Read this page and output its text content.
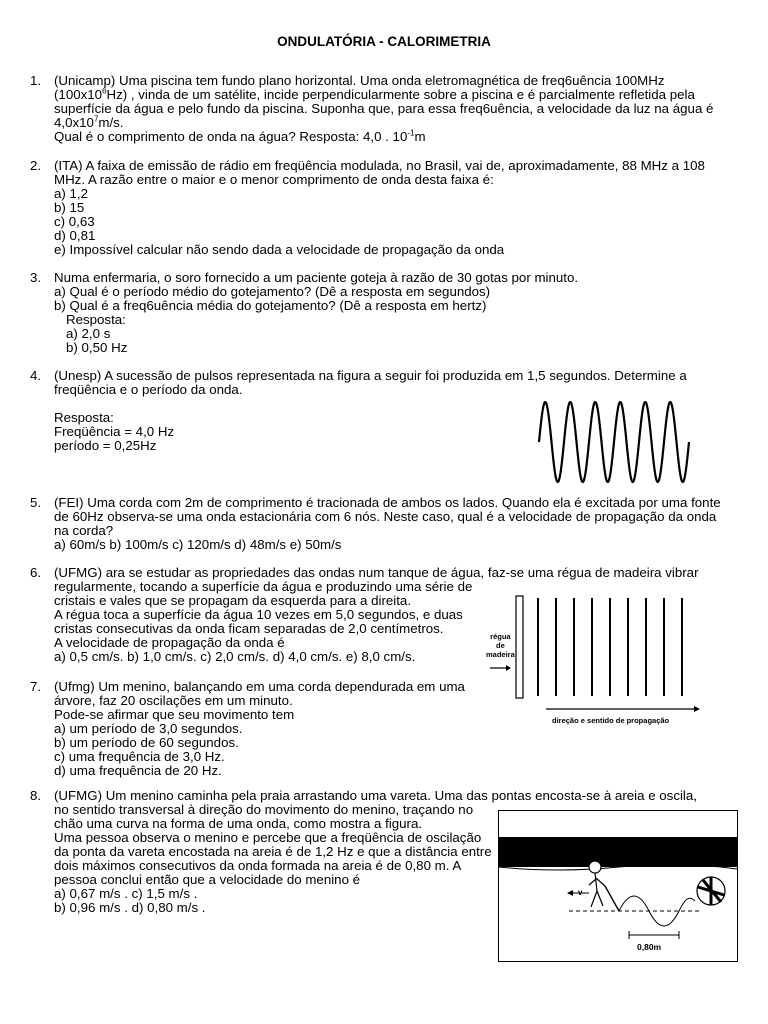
ONDULATÓRIA - CALORIMETRIA
1. (Unicamp) Uma piscina tem fundo plano horizontal. Uma onda eletromagnética de freq6uência 100MHz
$(100x10^6Hz)$ , vinda de um satélite, incide perpendicularmente sobre a piscina e é parcialmente refletida pela
superfície da água e pelo fundo da piscina. Suponha que, para essa freq6uência, a velocidade da luz na água é
$4,0x10^7m/s$.
Qual é o comprimento de onda na água? Resposta: 4,0 . $10^{-1}m$
2. (ITA) A faixa de emissão de rádio em freqüência modulada, no Brasil, vai de, aproximadamente, 88 MHz a 108
MHz. A razão entre o maior e o menor comprimento de onda desta faixa é:
a) 1,2
b) 15
c) 0,63
d) 0,81
e) Impossível calcular não sendo dada a velocidade de propagação da onda
3. Numa enfermaria, o soro fornecido a um paciente goteja à razão de 30 gotas por minuto.
a) Qual é o período médio do gotejamento? (Dê a resposta em segundos)
b) Qual é a freq6uência média do gotejamento? (Dê a resposta em hertz)
Resposta:
a) 2,0 s
b) 0,50 Hz
4. (Unesp) A sucessão de pulsos representada na figura a seguir foi produzida em 1,5 segundos. Determine a
freqüência e o período da onda.
Resposta:
Freqüência = 4,0 Hz
período = 0,25Hz
5. (FEI) Uma corda com 2m de comprimento é tracionada de ambos os lados. Quando ela é excitada por uma fonte
de 60Hz observa-se uma onda estacionária com 6 nós. Neste caso, qual é a velocidade de propagação da onda
na corda?
a) 60m/s b) 100m/s c) 120m/s d) 48m/s e) 50m/s
6. (UFMG) ara se estudar as propriedades das ondas num tanque de água, faz-se uma régua de madeira vibrar
regularmente, tocando a superfície da água e produzindo uma série de
cristais e vales que se propagam da esquerda para a direita.
A régua toca a superfície da água 10 vezes em 5,0 segundos, e duas
cristas consecutivas da onda ficam separadas de 2,0 centímetros.
A velocidade de propagação da onda é
a) 0,5 cm/s. b) 1,0 cm/s. c) 2,0 cm/s. d) 4,0 cm/s. e) 8,0 cm/s.
régua
de
madeira
direção e sentido de propagação
7. (Ufmg) Um menino, balançando em uma corda dependurada em uma
árvore, faz 20 oscilações em um minuto.
Pode-se afirmar que seu movimento tem
a) um período de 3,0 segundos.
b) um período de 60 segundos.
c) uma frequência de 3,0 Hz.
d) uma frequência de 20 Hz.
8. (UFMG) Um menino caminha pela praia arrastando uma vareta. Uma das pontas encosta-se à areia e oscila,
no sentido transversal à direção do movimento do menino, traçando no
chão uma curva na forma de uma onda, como mostra a figura.
Uma pessoa observa o menino e percebe que a freqüência de oscilação
da ponta da vareta encostada na areia é de 1,2 Hz e que a distância entre
dois máximos consecutivos da onda formada na areia é de 0,80 m. A
pessoa conclui então que a velocidade do menino é
a) 0,67 m/s . c) 1,5 m/s .
b) 0,96 m/s . d) 0,80 m/s .
v
0,80m
